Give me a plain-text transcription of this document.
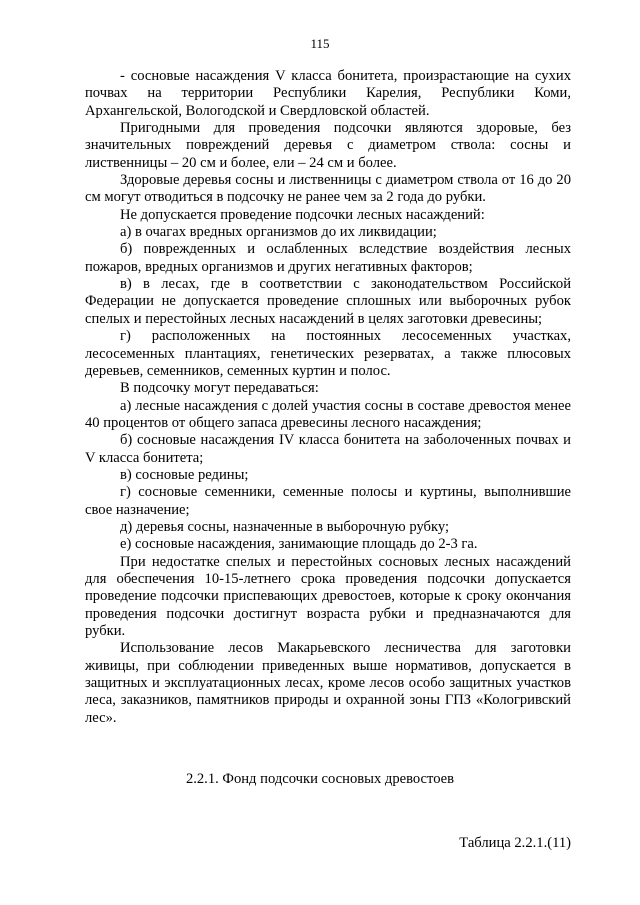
115

- сосновые насаждения V класса бонитета, произрастающие на сухих почвах на территории Республики Карелия, Республики Коми, Архангельской, Вологодской и Свердловской областей.

Пригодными для проведения подсочки являются здоровые, без значительных повреждений деревья с диаметром ствола: сосны и лиственницы – 20 см и более, ели – 24 см и более.

Здоровые деревья сосны и лиственницы с диаметром ствола от 16 до 20 см могут отводиться в подсочку не ранее чем за 2 года до рубки.

Не допускается проведение подсочки лесных насаждений:

а) в очагах вредных организмов до их ликвидации;

б) поврежденных и ослабленных вследствие воздействия лесных пожаров, вредных организмов и других негативных факторов;

в) в лесах, где в соответствии с законодательством Российской Федерации не допускается проведение сплошных или выборочных рубок спелых и перестойных лесных насаждений в целях заготовки древесины;

г) расположенных на постоянных лесосеменных участках, лесосеменных плантациях, генетических резерватах, а также плюсовых деревьев, семенников, семенных куртин и полос.

В подсочку могут передаваться:

а) лесные насаждения с долей участия сосны в составе древостоя менее 40 процентов от общего запаса древесины лесного насаждения;

б) сосновые насаждения IV класса бонитета на заболоченных почвах и V класса бонитета;

в) сосновые редины;

г) сосновые семенники, семенные полосы и куртины, выполнившие свое назначение;

д) деревья сосны, назначенные в выборочную рубку;

е) сосновые насаждения, занимающие площадь до 2-3 га.

При недостатке спелых и перестойных сосновых лесных насаждений для обеспечения 10-15-летнего срока проведения подсочки допускается проведение подсочки приспевающих древостоев, которые к сроку окончания проведения подсочки достигнут возраста рубки и предназначаются для рубки.

Использование лесов Макарьевского лесничества для заготовки живицы, при соблюдении приведенных выше нормативов, допускается в защитных и эксплуатационных лесах, кроме лесов особо защитных участков леса, заказников, памятников природы и охранной зоны ГПЗ «Кологривский лес».

2.2.1. Фонд подсочки сосновых древостоев
Таблица 2.2.1.(11)
